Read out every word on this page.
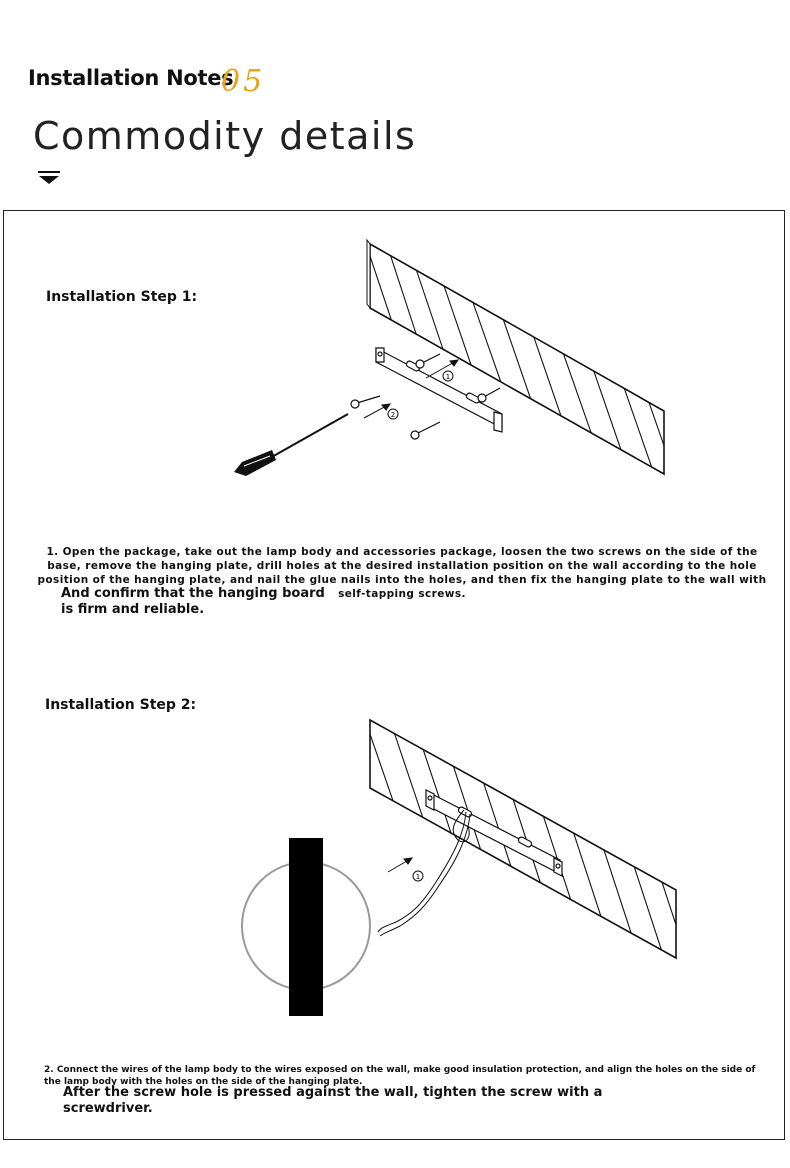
Installation Notes
05
Commodity details
Installation Step 1:
1
2
1. Open the package, take out the lamp body and accessories package, loosen the two screws on the side of the base, remove the hanging plate, drill holes at the desired installation position on the wall according to the hole position of the hanging plate, and nail the glue nails into the holes, and then fix the hanging plate to the wall with self-tapping screws.
And confirm that the hanging board
is firm and reliable.
Installation Step 2:
1
2. Connect the wires of the lamp body to the wires exposed on the wall, make good insulation protection, and align the holes on the side of the lamp body with the holes on the side of the hanging plate.
After the screw hole is pressed against the wall, tighten the screw with a
screwdriver.
